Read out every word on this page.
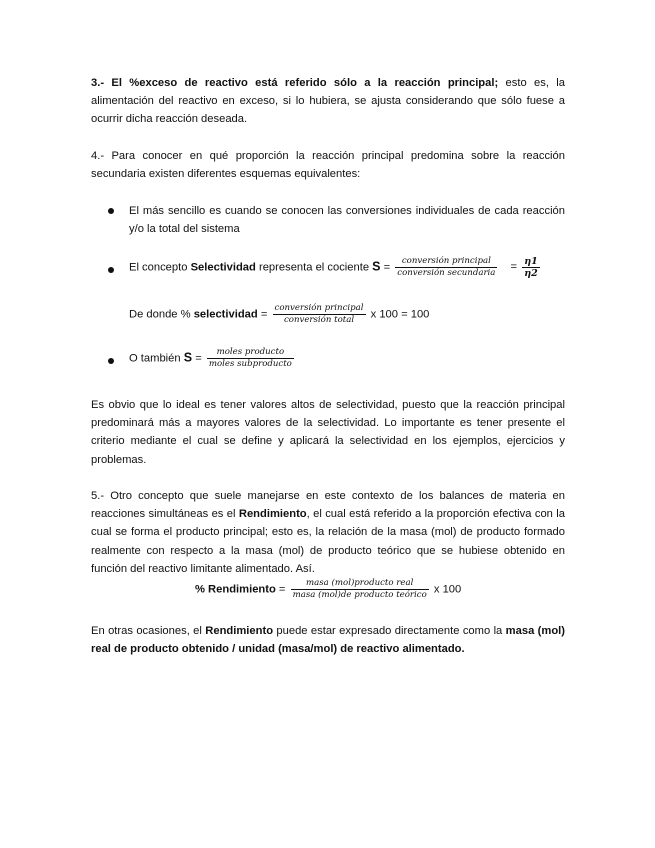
3.- El %exceso de reactivo está referido sólo a la reacción principal; esto es, la alimentación del reactivo en exceso, si lo hubiera, se ajusta considerando que sólo fuese a ocurrir dicha reacción deseada.
4.- Para conocer en qué proporción la reacción principal predomina sobre la reacción secundaria existen diferentes esquemas equivalentes:
El más sencillo es cuando se conocen las conversiones individuales de cada reacción y/o la total del sistema
El concepto Selectividad representa el cociente $S = \frac{\text{conversión principal}}{\text{conversión secundaria}} = \frac{\eta 1}{\eta 2}$
De donde % selectividad = $\frac{\text{conversión principal}}{\text{conversión total}}$ x 100 = 100
O también $S = \frac{\text{moles producto}}{\text{moles subproducto}}$
Es obvio que lo ideal es tener valores altos de selectividad, puesto que la reacción principal predominará más a mayores valores de la selectividad. Lo importante es tener presente el criterio mediante el cual se define y aplicará la selectividad en los ejemplos, ejercicios y problemas.
5.- Otro concepto que suele manejarse en este contexto de los balances de materia en reacciones simultáneas es el Rendimiento, el cual está referido a la proporción efectiva con la cual se forma el producto principal; esto es, la relación de la masa (mol) de producto formado realmente con respecto a la masa (mol) de producto teórico que se hubiese obtenido en función del reactivo limitante alimentado. Así.
% Rendimiento = $\frac{\text{masa (mol)producto real}}{\text{masa (mol)de producto teórico}}$ x 100
En otras ocasiones, el Rendimiento puede estar expresado directamente como la masa (mol) real de producto obtenido / unidad (masa/mol) de reactivo alimentado.
